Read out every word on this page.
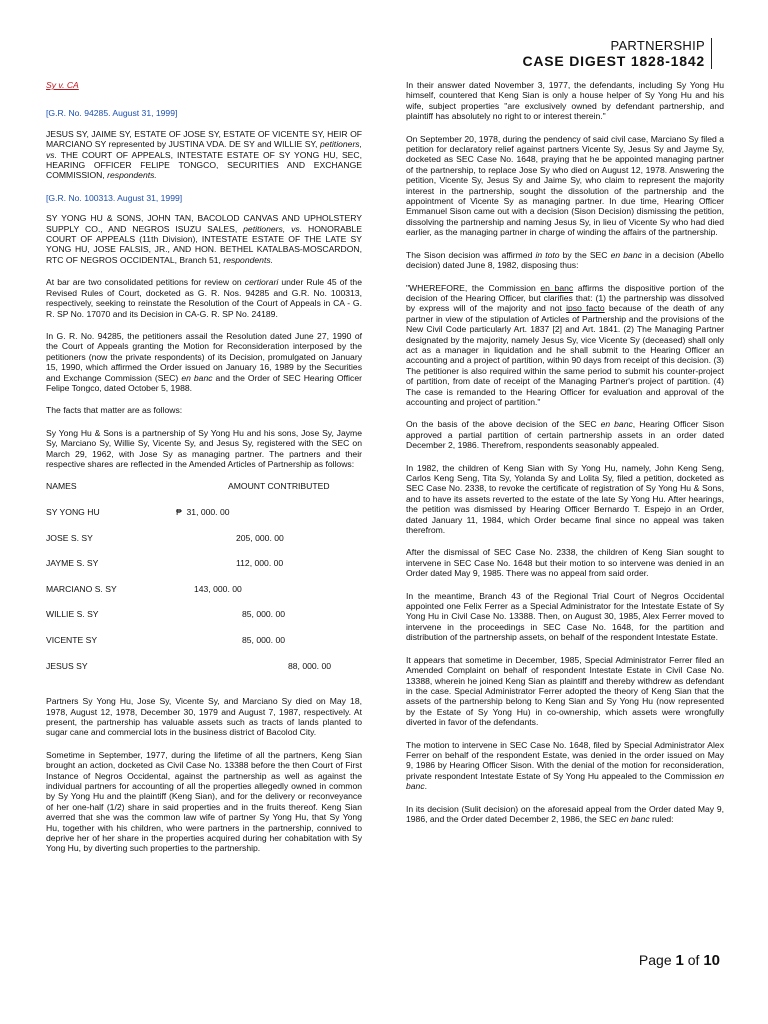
PARTNERSHIP
CASE DIGEST 1828-1842

Sy v. CA

[G.R. No. 94285. August 31, 1999]

JESUS SY, JAIME SY, ESTATE OF JOSE SY, ESTATE OF VICENTE SY, HEIR OF MARCIANO SY represented by JUSTINA VDA. DE SY and WILLIE SY, petitioners, vs. THE COURT OF APPEALS, INTESTATE ESTATE OF SY YONG HU, SEC, HEARING OFFICER FELIPE TONGCO, SECURITIES AND EXCHANGE COMMISSION, respondents.

[G.R. No. 100313. August 31, 1999]

SY YONG HU & SONS, JOHN TAN, BACOLOD CANVAS AND UPHOLSTERY SUPPLY CO., AND NEGROS ISUZU SALES, petitioners, vs. HONORABLE COURT OF APPEALS (11th Division), INTESTATE ESTATE OF THE LATE SY YONG HU, JOSE FALSIS, JR., AND HON. BETHEL KATALBAS-MOSCARDON, RTC OF NEGROS OCCIDENTAL, Branch 51, respondents.

At bar are two consolidated petitions for review on certiorari under Rule 45 of the Revised Rules of Court, docketed as G. R. Nos. 94285 and G.R. No. 100313, respectively, seeking to reinstate the Resolution of the Court of Appeals in CA - G. R. SP No. 17070 and its Decision in CA-G. R. SP No. 24189.

In G. R. No. 94285, the petitioners assail the Resolution dated June 27, 1990 of the Court of Appeals granting the Motion for Reconsideration interposed by the petitioners (now the private respondents) of its Decision, promulgated on January 15, 1990, which affirmed the Order issued on January 16, 1989 by the Securities and Exchange Commission (SEC) en banc and the Order of SEC Hearing Officer Felipe Tongco, dated October 5, 1988.

The facts that matter are as follows:

Sy Yong Hu & Sons is a partnership of Sy Yong Hu and his sons, Jose Sy, Jayme Sy, Marciano Sy, Willie Sy, Vicente Sy, and Jesus Sy, registered with the SEC on March 29, 1962, with Jose Sy as managing partner. The partners and their respective shares are reflected in the Amended Articles of Partnership as follows:

NAMES	AMOUNT CONTRIBUTED
SY YONG HU	₱  31, 000. 00
JOSE S. SY	205, 000. 00
JAYME S. SY	112, 000. 00
MARCIANO S. SY	143, 000. 00
WILLIE S. SY	85, 000. 00
VICENTE SY	85, 000. 00
JESUS SY	88, 000. 00

Partners Sy Yong Hu, Jose Sy, Vicente Sy, and Marciano Sy died on May 18, 1978, August 12, 1978, December 30, 1979 and August 7, 1987, respectively. At present, the partnership has valuable assets such as tracts of lands planted to sugar cane and commercial lots in the business district of Bacolod City.

Sometime in September, 1977, during the lifetime of all the partners, Keng Sian brought an action, docketed as Civil Case No. 13388 before the then Court of First Instance of Negros Occidental, against the partnership as well as against the individual partners for accounting of all the properties allegedly owned in common by Sy Yong Hu and the plaintiff (Keng Sian), and for the delivery or reconveyance of her one-half (1/2) share in said properties and in the fruits thereof. Keng Sian averred that she was the common law wife of partner Sy Yong Hu, that Sy Yong Hu, together with his children, who were partners in the partnership, connived to deprive her of her share in the properties acquired during her cohabitation with Sy Yong Hu, by diverting such properties to the partnership.

In their answer dated November 3, 1977, the defendants, including Sy Yong Hu himself, countered that Keng Sian is only a house helper of Sy Yong Hu and his wife, subject properties "are exclusively owned by defendant partnership, and plaintiff has absolutely no right to or interest therein."

On September 20, 1978, during the pendency of said civil case, Marciano Sy filed a petition for declaratory relief against partners Vicente Sy, Jesus Sy and Jayme Sy, docketed as SEC Case No. 1648, praying that he be appointed managing partner of the partnership, to replace Jose Sy who died on August 12, 1978. Answering the petition, Vicente Sy, Jesus Sy and Jaime Sy, who claim to represent the majority interest in the partnership, sought the dissolution of the partnership and the appointment of Vicente Sy as managing partner. In due time, Hearing Officer Emmanuel Sison came out with a decision (Sison Decision) dismissing the petition, dissolving the partnership and naming Jesus Sy, in lieu of Vicente Sy who had died earlier, as the managing partner in charge of winding the affairs of the partnership.

The Sison decision was affirmed in toto by the SEC en banc in a decision (Abello decision) dated June 8, 1982, disposing thus:

"WHEREFORE, the Commission en banc affirms the dispositive portion of the decision of the Hearing Officer, but clarifies that: (1) the partnership was dissolved by express will of the majority and not ipso facto because of the death of any partner in view of the stipulation of Articles of Partnership and the provisions of the New Civil Code particularly Art. 1837 [2] and Art. 1841. (2) The Managing Partner designated by the majority, namely Jesus Sy, vice Vicente Sy (deceased) shall only act as a manager in liquidation and he shall submit to the Hearing Officer an accounting and a project of partition, within 90 days from receipt of this decision. (3) The petitioner is also required within the same period to submit his counter-project of partition, from date of receipt of the Managing Partner's project of partition. (4) The case is remanded to the Hearing Officer for evaluation and approval of the accounting and project of partition."

On the basis of the above decision of the SEC en banc, Hearing Officer Sison approved a partial partition of certain partnership assets in an order dated December 2, 1986. Therefrom, respondents seasonably appealed.

In 1982, the children of Keng Sian with Sy Yong Hu, namely, John Keng Seng, Carlos Keng Seng, Tita Sy, Yolanda Sy and Lolita Sy, filed a petition, docketed as SEC Case No. 2338, to revoke the certificate of registration of Sy Yong Hu & Sons, and to have its assets reverted to the estate of the late Sy Yong Hu. After hearings, the petition was dismissed by Hearing Officer Bernardo T. Espejo in an Order, dated January 11, 1984, which Order became final since no appeal was taken therefrom.

After the dismissal of SEC Case No. 2338, the children of Keng Sian sought to intervene in SEC Case No. 1648 but their motion to so intervene was denied in an Order dated May 9, 1985. There was no appeal from said order.

In the meantime, Branch 43 of the Regional Trial Court of Negros Occidental appointed one Felix Ferrer as a Special Administrator for the Intestate Estate of Sy Yong Hu in Civil Case No. 13388. Then, on August 30, 1985, Alex Ferrer moved to intervene in the proceedings in SEC Case No. 1648, for the partition and distribution of the partnership assets, on behalf of the respondent Intestate Estate.

It appears that sometime in December, 1985, Special Administrator Ferrer filed an Amended Complaint on behalf of respondent Intestate Estate in Civil Case No. 13388, wherein he joined Keng Sian as plaintiff and thereby withdrew as defendant in the case. Special Administrator Ferrer adopted the theory of Keng Sian that the assets of the partnership belong to Keng Sian and Sy Yong Hu (now represented by the Estate of Sy Yong Hu) in co-ownership, which assets were wrongfully diverted in favor of the defendants.

The motion to intervene in SEC Case No. 1648, filed by Special Administrator Alex Ferrer on behalf of the respondent Estate, was denied in the order issued on May 9, 1986 by Hearing Officer Sison. With the denial of the motion for reconsideration, private respondent Intestate Estate of Sy Yong Hu appealed to the Commission en banc.

In its decision (Sulit decision) on the aforesaid appeal from the Order dated May 9, 1986, and the Order dated December 2, 1986, the SEC en banc ruled:

Page 1 of 10
